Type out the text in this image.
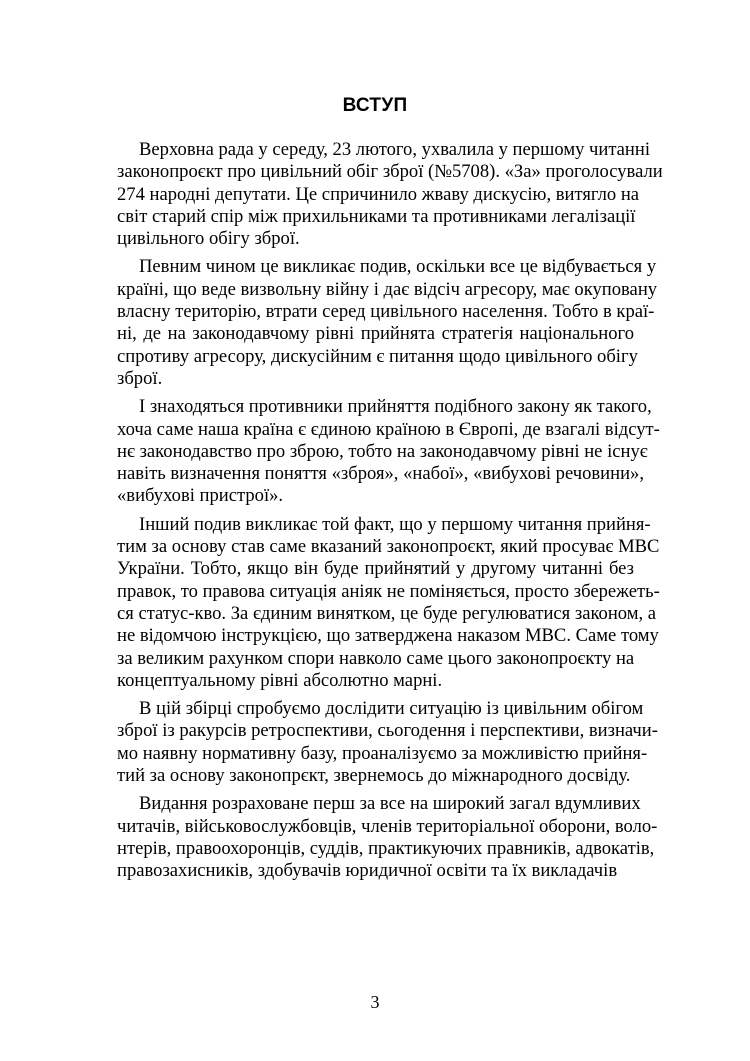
ВСТУП
Верховна рада у середу, 23 лютого, ухвалила у першому читанні
законопроєкт про цивільний обіг зброї (№5708). «За» проголосували
274 народні депутати. Це спричинило жваву дискусію, витягло на
світ старий спір між прихильниками та противниками легалізації
цивільного обігу зброї.
Певним чином це викликає подив, оскільки все це відбувається у
країні, що веде визвольну війну і дає відсіч агресору, має окуповану
власну територію, втрати серед цивільного населення. Тобто в краї-
ні, де на законодавчому рівні прийнята стратегія національного
спротиву агресору, дискусійним є питання щодо цивільного обігу
зброї.
І знаходяться противники прийняття подібного закону як такого,
хоча саме наша країна є єдиною країною в Європі, де взагалі відсут-
нє законодавство про зброю, тобто на законодавчому рівні не існує
навіть визначення поняття «зброя», «набої», «вибухові речовини»,
«вибухові пристрої».
Інший подив викликає той факт, що у першому читання прийня-
тим за основу став саме вказаний законопроєкт, який просуває МВС
України. Тобто, якщо він буде прийнятий у другому читанні без
правок, то правова ситуація аніяк не поміняється, просто збережеть-
ся статус-кво. За єдиним винятком, це буде регулюватися законом, а
не відомчою інструкцією, що затверджена наказом МВС. Саме тому
за великим рахунком спори навколо саме цього законопроєкту на
концептуальному рівні абсолютно марні.
В цій збірці спробуємо дослідити ситуацію із цивільним обігом
зброї із ракурсів ретроспективи, сьогодення і перспективи, визначи-
мо наявну нормативну базу, проаналізуємо за можливістю прийня-
тий за основу законопрєкт, звернемось до міжнародного досвіду.
Видання розраховане перш за все на широкий загал вдумливих
читачів, військовослужбовців, членів територіальної оборони, воло-
нтерів, правоохоронців, суддів, практикуючих правників, адвокатів,
правозахисників, здобувачів юридичної освіти та їх викладачів
3
